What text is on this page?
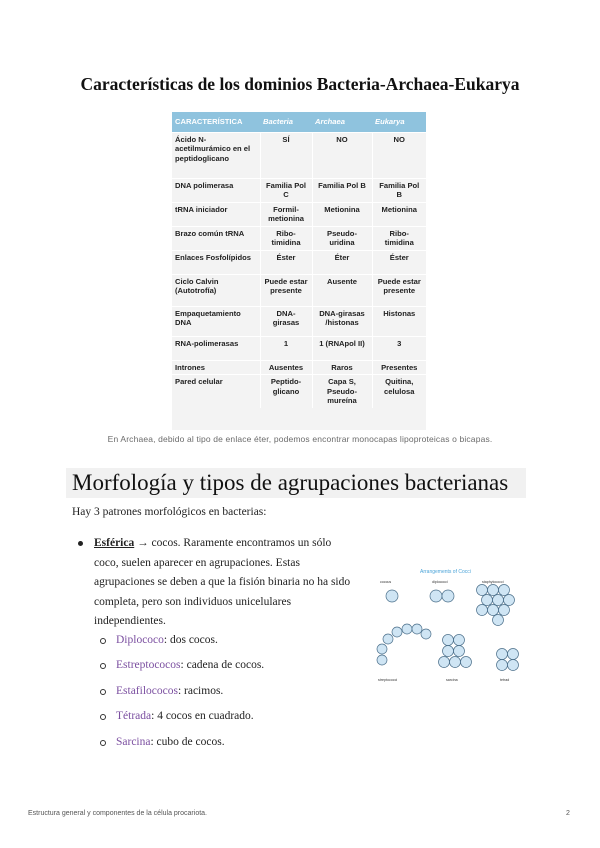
Características de los dominios Bacteria-Archaea-Eukarya
CARACTERÍSTICA	Bacteria	Archaea	Eukarya
Ácido N-acetilmurámico en el peptidoglicano	SÍ	NO	NO
DNA polimerasa	Familia Pol C	Familia Pol B	Familia Pol B
tRNA iniciador	Formil-metionina	Metionina	Metionina
Brazo común tRNA	Ribo-timidina	Pseudo-uridina	Ribo-timidina
Enlaces Fosfolípidos	Éster	Éter	Éster
Ciclo Calvin (Autotrofía)	Puede estar presente	Ausente	Puede estar presente
Empaquetamiento DNA	DNA-girasas	DNA-girasas /histonas	Histonas
RNA-polimerasas	1	1 (RNApol II)	3
Intrones	Ausentes	Raros	Presentes
Pared celular	Peptido-glicano	Capa S, Pseudo-mureína	Quitina, celulosa
En Archaea, debido al tipo de enlace éter, podemos encontrar monocapas lipoproteicas o bicapas.
Morfología y tipos de agrupaciones bacterianas
Hay 3 patrones morfológicos en bacterias:
Esférica → cocos. Raramente encontramos un sólo coco, suelen aparecer en agrupaciones. Estas agrupaciones se deben a que la fisión binaria no ha sido completa, pero son individuos unicelulares independientes.
Diplococo: dos cocos.
Estreptococos: cadena de cocos.
Estafilococos: racimos.
Tétrada: 4 cocos en cuadrado.
Sarcina: cubo de cocos.
Arrangements of Cocci
coccus	diplococci	staphylococci
streptococci	sarcina	tetrad
Estructura general y componentes de la célula procariota.	2
